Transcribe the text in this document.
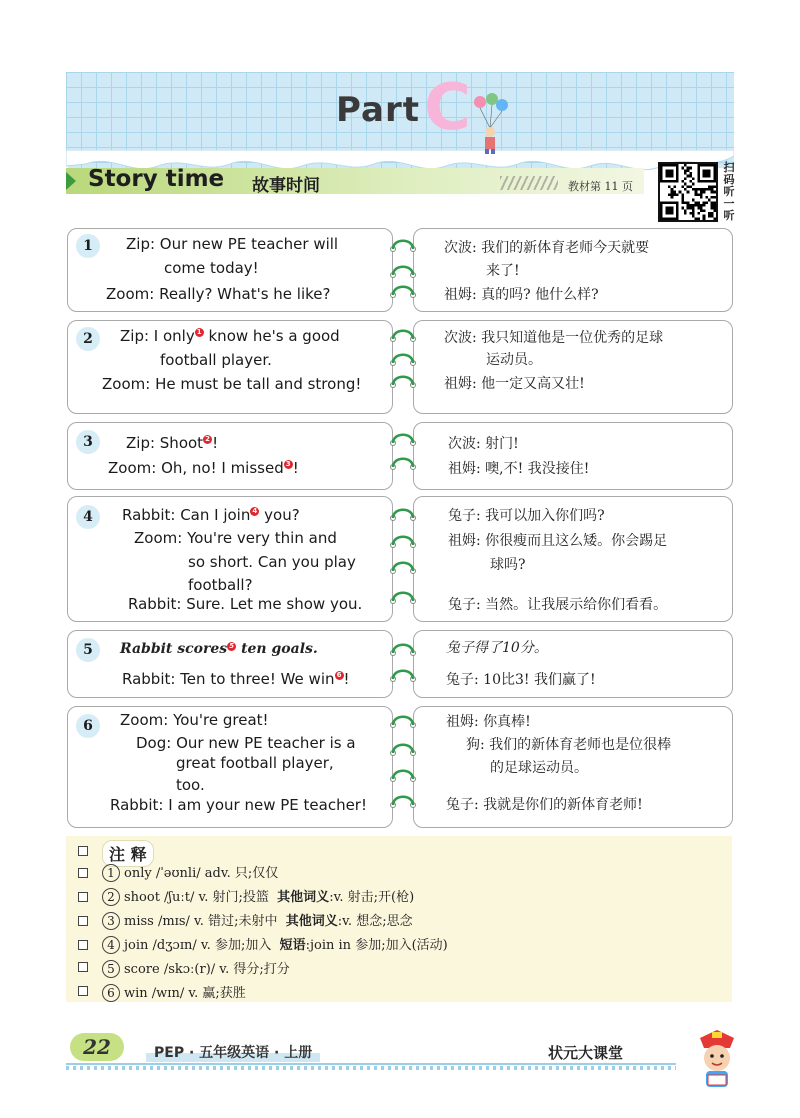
Part C
Story time 故事时间	教材第 11 页
扫
码
听
一
听
1	Zip: Our new PE teacher will
come today!
Zoom: Really? What's he like?
次波: 我们的新体育老师今天就要
来了!
祖姆: 真的吗? 他什么样?
2	Zip: I only 1 know he's a good
football player.
Zoom: He must be tall and strong!
次波: 我只知道他是一位优秀的足球
运动员。
祖姆: 他一定又高又壮!
3	Zip: Shoot 2 !
Zoom: Oh, no! I missed 3 !
次波: 射门!
祖姆: 噢,不! 我没接住!
4	Rabbit: Can I join 4 you?
Zoom: You're very thin and
so short. Can you play
football?
Rabbit: Sure. Let me show you.
兔子: 我可以加入你们吗?
祖姆: 你很瘦而且这么矮。你会踢足
球吗?
兔子: 当然。让我展示给你们看看。
5	Rabbit scores 5 ten goals.
Rabbit: Ten to three! We win 6 !
兔子得了10分。
兔子: 10比3! 我们赢了!
6	Zoom: You're great!
Dog: Our new PE teacher is a
great football player,
too.
Rabbit: I am your new PE teacher!
祖姆: 你真棒!
狗: 我们的新体育老师也是位很棒
的足球运动员。
兔子: 我就是你们的新体育老师!
注 释
1 only /ˈəʊnli/ adv. 只;仅仅
2 shoot /ʃuːt/ v. 射门;投篮 其他词义:v. 射击;开(枪)
3 miss /mɪs/ v. 错过;未射中 其他词义:v. 想念;思念
4 join /dʒɔɪn/ v. 参加;加入 短语:join in 参加;加入(活动)
5 score /skɔː(r)/ v. 得分;打分
6 win /wɪn/ v. 赢;获胜
22	PEP · 五年级英语 · 上册	状元大课堂
